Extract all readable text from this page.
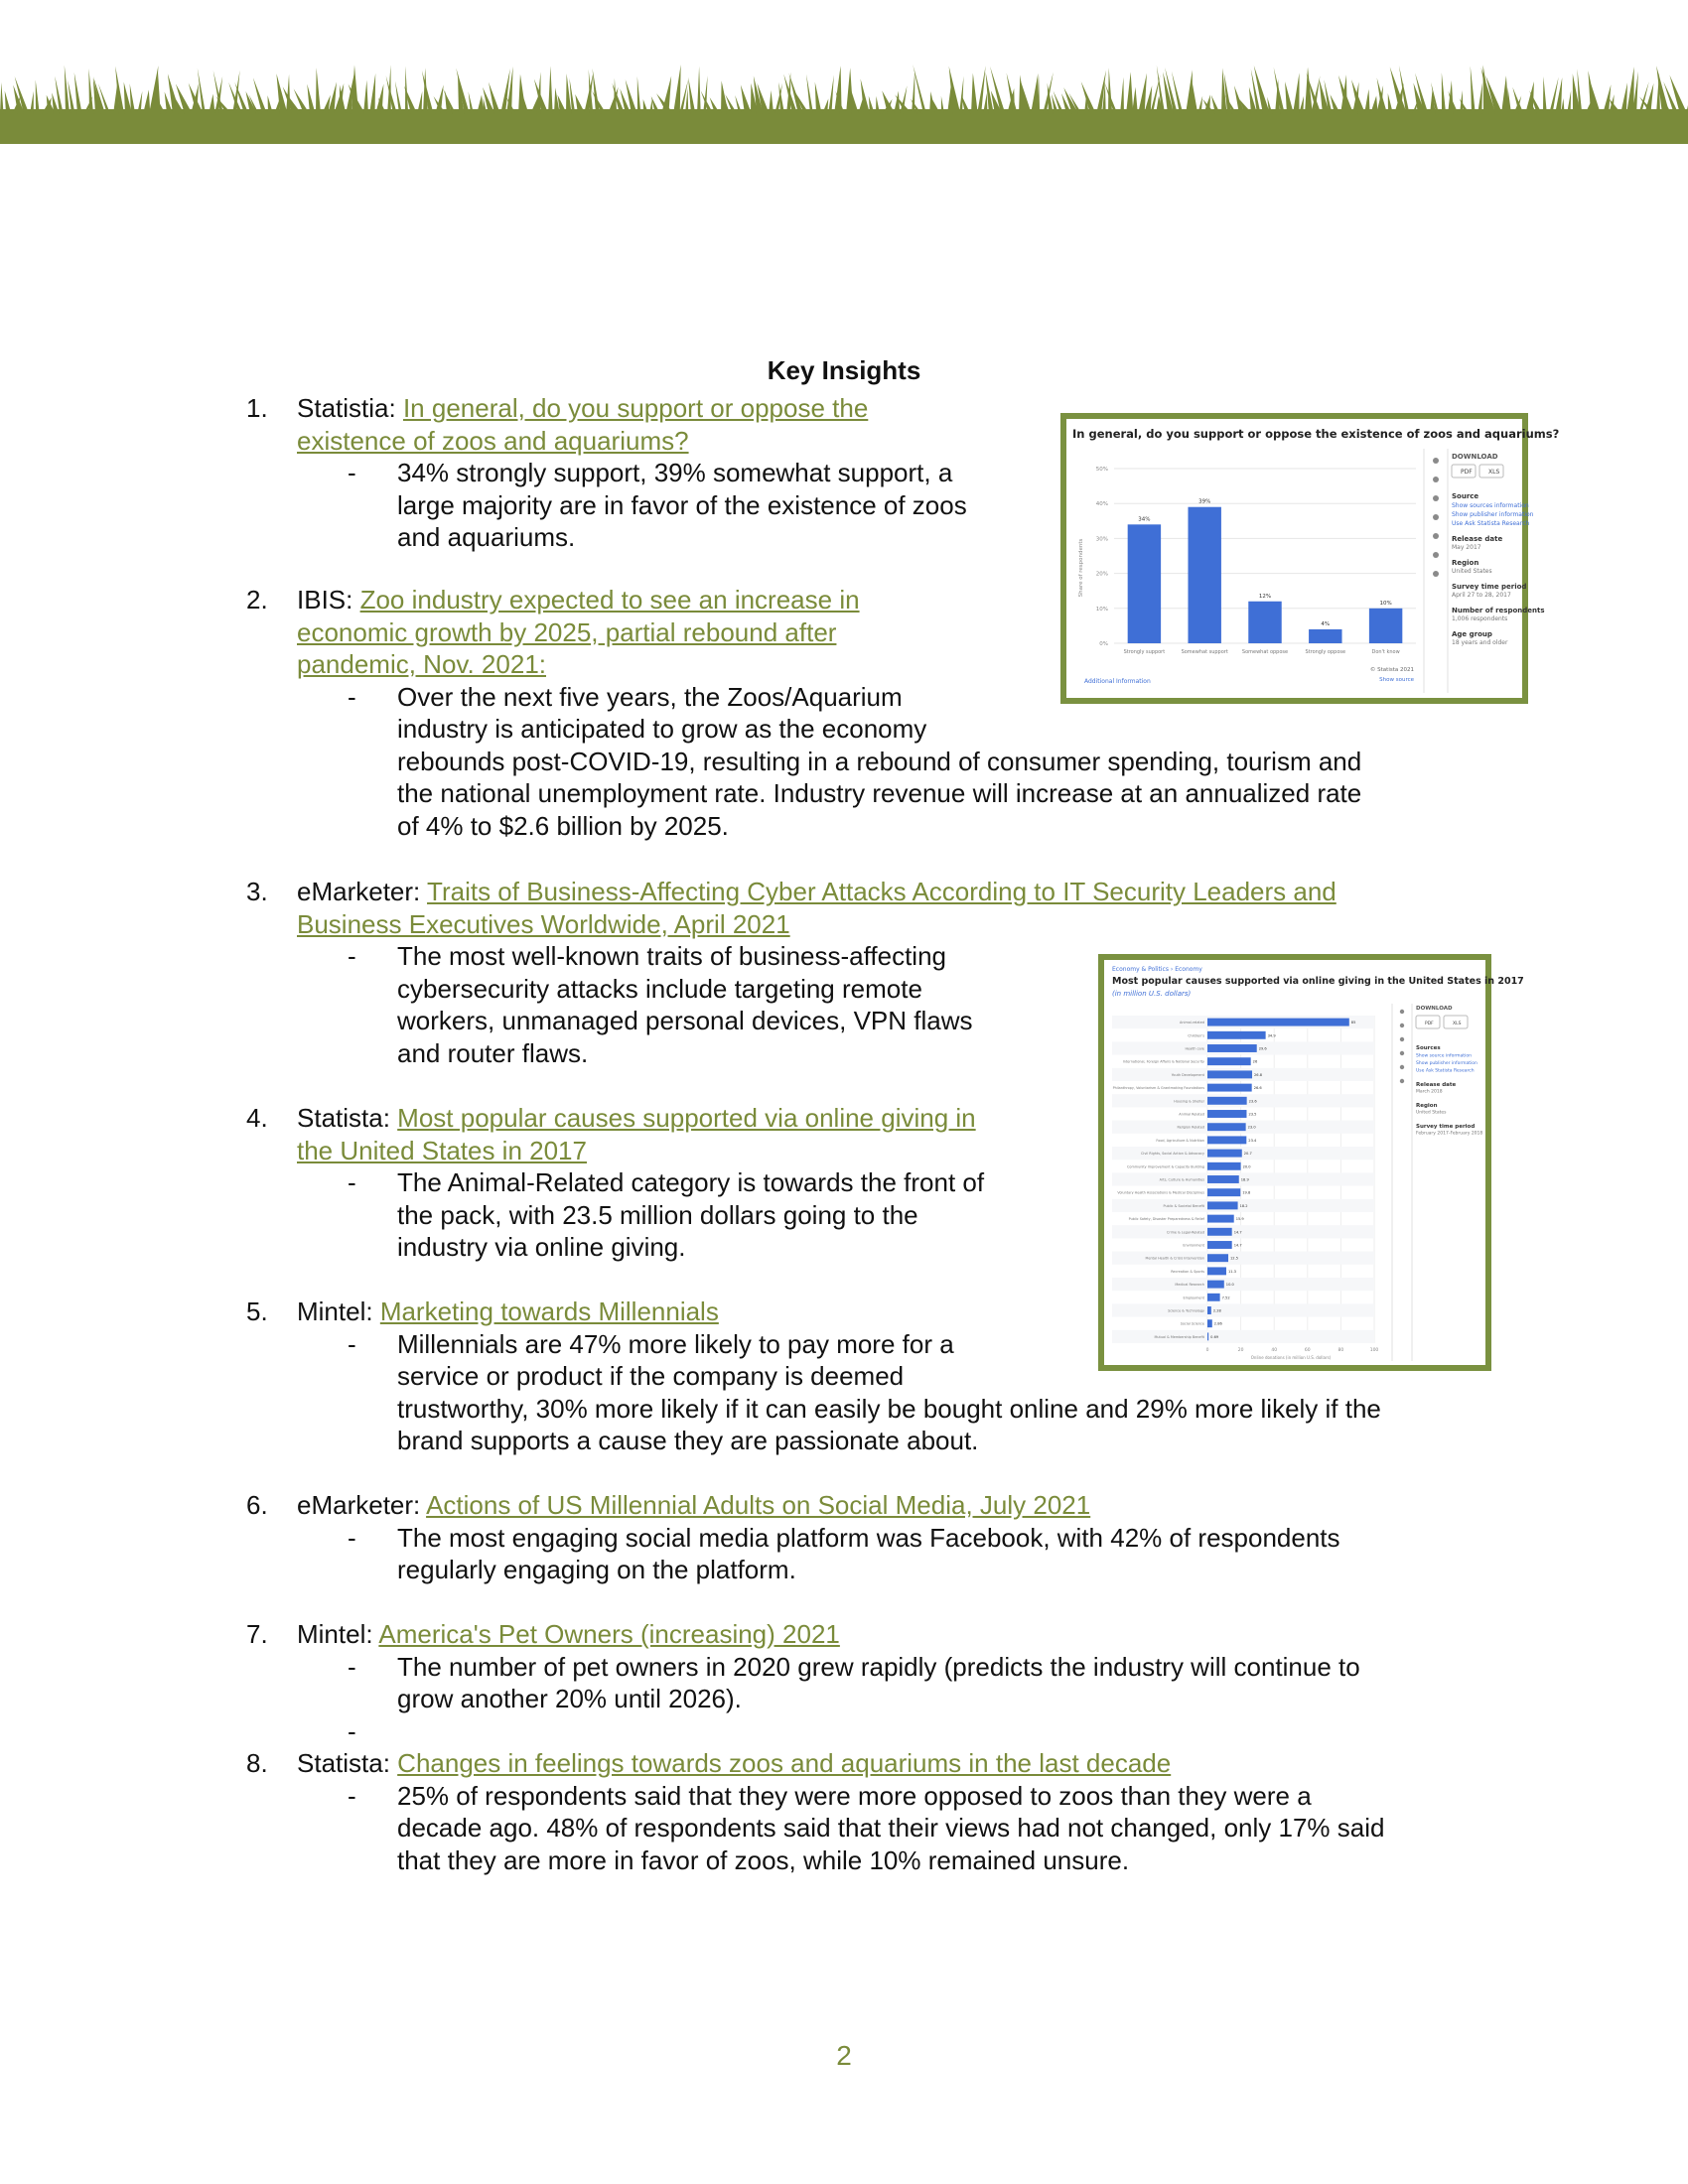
Key Insights
1. Statistia: In general, do you support or oppose the
existence of zoos and aquariums?
- 34% strongly support, 39% somewhat support, a
large majority are in favor of the existence of zoos
and aquariums.
2. IBIS: Zoo industry expected to see an increase in
economic growth by 2025, partial rebound after
pandemic, Nov. 2021:
- Over the next five years, the Zoos/Aquarium
industry is anticipated to grow as the economy
rebounds post-COVID-19, resulting in a rebound of consumer spending, tourism and
the national unemployment rate. Industry revenue will increase at an annualized rate
of 4% to $2.6 billion by 2025.
3. eMarketer: Traits of Business-Affecting Cyber Attacks According to IT Security Leaders and
Business Executives Worldwide, April 2021
- The most well-known traits of business-affecting
cybersecurity attacks include targeting remote
workers, unmanaged personal devices, VPN flaws
and router flaws.
4. Statista: Most popular causes supported via online giving in
the United States in 2017
- The Animal-Related category is towards the front of
the pack, with 23.5 million dollars going to the
industry via online giving.
5. Mintel: Marketing towards Millennials
- Millennials are 47% more likely to pay more for a
service or product if the company is deemed
trustworthy, 30% more likely if it can easily be bought online and 29% more likely if the
brand supports a cause they are passionate about.
6. eMarketer: Actions of US Millennial Adults on Social Media, July 2021
- The most engaging social media platform was Facebook, with 42% of respondents
regularly engaging on the platform.
7. Mintel: America's Pet Owners (increasing) 2021
- The number of pet owners in 2020 grew rapidly (predicts the industry will continue to
grow another 20% until 2026).
-
8. Statista: Changes in feelings towards zoos and aquariums in the last decade
- 25% of respondents said that they were more opposed to zoos than they were a
decade ago. 48% of respondents said that their views had not changed, only 17% said
that they are more in favor of zoos, while 10% remained unsure.
In general, do you support or oppose the existence of zoos and aquariums?
DOWNLOAD
PDF	XLS
Source
Show sources information
Show publisher information
Use Ask Statista Research
Release date
May 2017
Region
United States
Survey time period
April 27 to 28, 2017
Number of respondents
1,006 respondents
Age group
18 years and older
0%
10%
20%
30%
40%
50%
Share of respondents
34%
Strongly support
39%
Somewhat support
12%
Somewhat oppose
4%
Strongly oppose
10%
Don't know
Additional Information
© Statista 2021
Show source
Economy & Politics › Economy
Most popular causes supported via online giving in the United States in 2017
(in million U.S. dollars)
DOWNLOAD
PDF	XLS
Sources
Show source information
Show publisher information
Use Ask Statista Research
Release date
March 2018
Region
United States
Survey time period
February 2017-February 2018
0	20	40	60	80	100
Online donations (in million U.S. dollars)
Animal-related	85
Children's	34.9
Health care	29.6
International, Foreign Affairs & National Security	26
Youth Development	26.8
Philanthropy, Voluntarism & Grantmaking Foundations	26.6
Housing & Shelter	23.6
Animal Related	23.5
Religion Related	23.0
Food, Agriculture & Nutrition	23.4
Civil Rights, Social Action & Advocacy	20.7
Community Improvement & Capacity Building	20.0
Arts, Culture & Humanities	18.9
Voluntary Health Associations & Medical Disciplines	19.8
Public & Societal Benefit	18.2
Public Safety, Disaster Preparedness & Relief	15.9
Crime & Legal-Related	14.7
Environment	14.7
Mental Health & Crisis Intervention	12.5
Recreation & Sports	11.3
Medical Research	10.0
Employment	7.52
Science & Technology 2.28
Social Science	2.86
Mutual & Membership Benefit 0.69
2
